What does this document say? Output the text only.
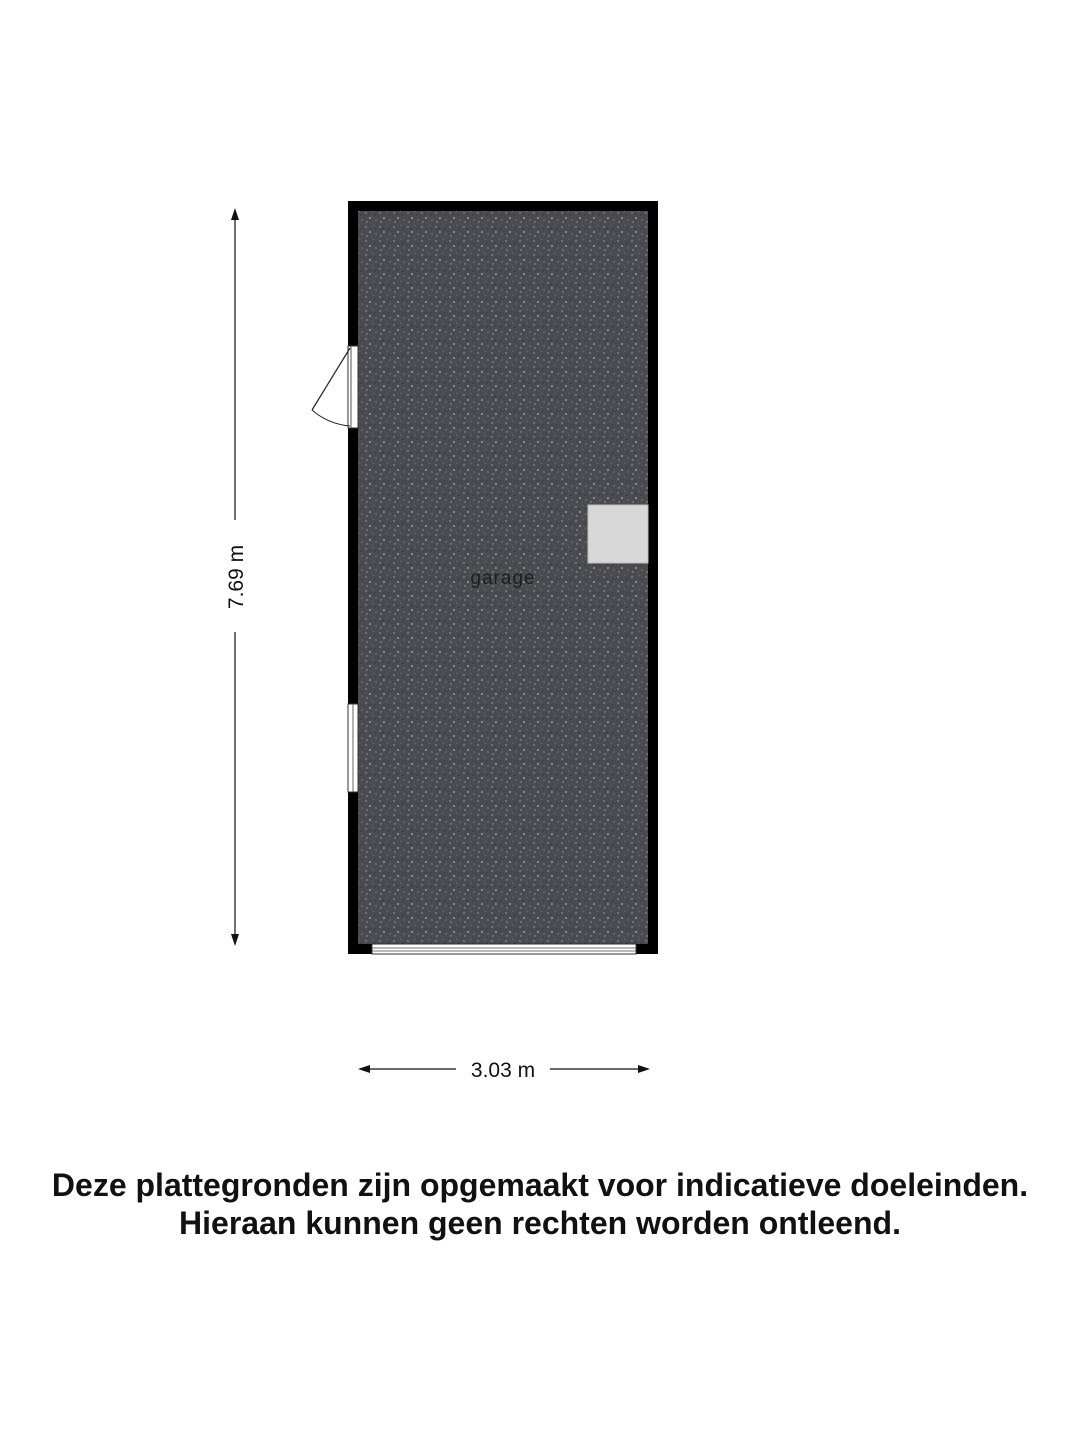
garage
7.69 m
3.03 m
Deze plattegronden zijn opgemaakt voor indicatieve doeleinden.
Hieraan kunnen geen rechten worden ontleend.
